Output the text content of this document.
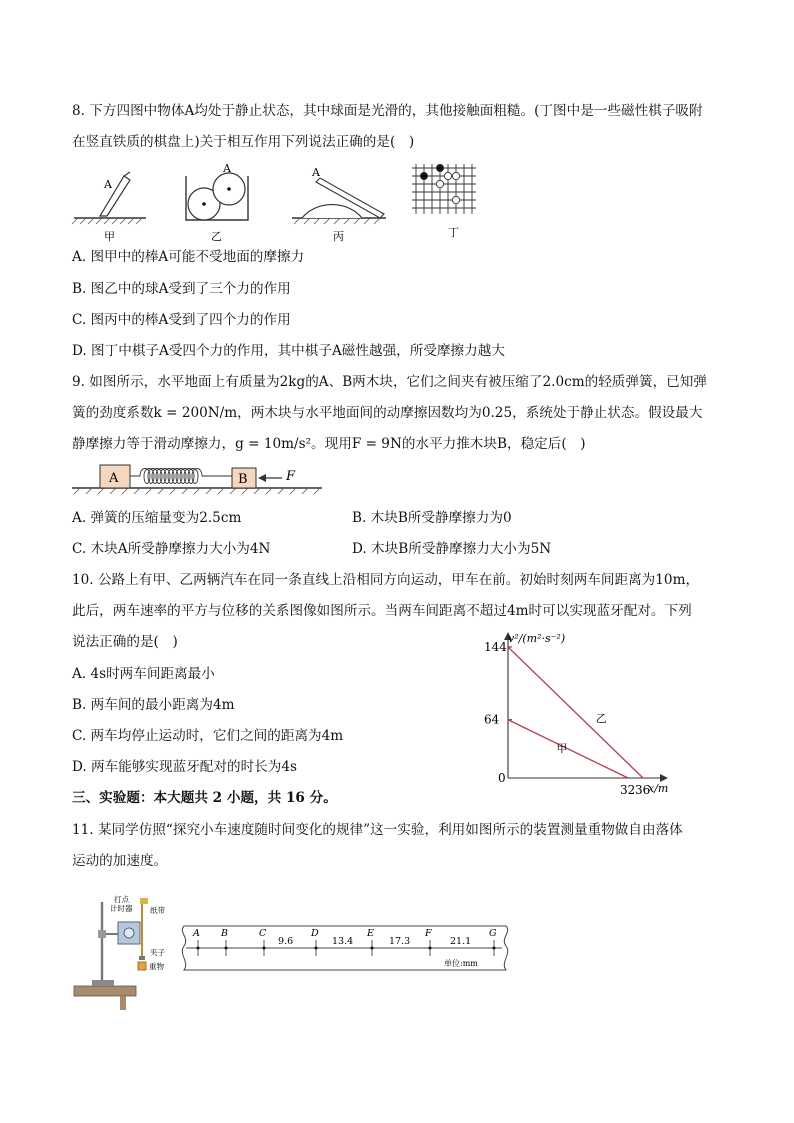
8. 下方四图中物体A均处于静止状态，其中球面是光滑的，其他接触面粗糙。(丁图中是一些磁性棋子吸附
在竖直铁质的棋盘上)关于相互作用下列说法正确的是(　)
A
A	A
甲	乙	丙	丁
A. 图甲中的棒A可能不受地面的摩擦力
B. 图乙中的球A受到了三个力的作用
C. 图丙中的棒A受到了四个力的作用
D. 图丁中棋子A受四个力的作用，其中棋子A磁性越强，所受摩擦力越大
9. 如图所示，水平地面上有质量为2kg的A、B两木块，它们之间夹有被压缩了2.0cm的轻质弹簧，已知弹
簧的劲度系数k = 200N/m，两木块与水平地面间的动摩擦因数均为0.25，系统处于静止状态。假设最大
静摩擦力等于滑动摩擦力，g = 10m/s²。现用F = 9N的水平力推木块B，稳定后(　)
A	B	F
A. 弹簧的压缩量变为2.5cm	B. 木块B所受静摩擦力为0
C. 木块A所受静摩擦力大小为4N	D. 木块B所受静摩擦力大小为5N
10. 公路上有甲、乙两辆汽车在同一条直线上沿相同方向运动，甲车在前。初始时刻两车间距离为10m，
此后，两车速率的平方与位移的关系图像如图所示。当两车间距离不超过4m时可以实现蓝牙配对。下列
说法正确的是(　)
A. 4s时两车间距离最小
B. 两车间的最小距离为4m
C. 两车均停止运动时，它们之间的距离为4m
D. 两车能够实现蓝牙配对的时长为4s
v²/(m²·s⁻²)
x/m
0
64
144
32 36
甲
乙
三、实验题：本大题共 2 小题，共 16 分。
11. 某同学仿照“探究小车速度随时间变化的规律”这一实验，利用如图所示的装置测量重物做自由落体
运动的加速度。
打点
计时器 纸带
夹子
重物
A B	C	D	E	F	G
9.6	13.4	17.3	21.1
单位:mm
